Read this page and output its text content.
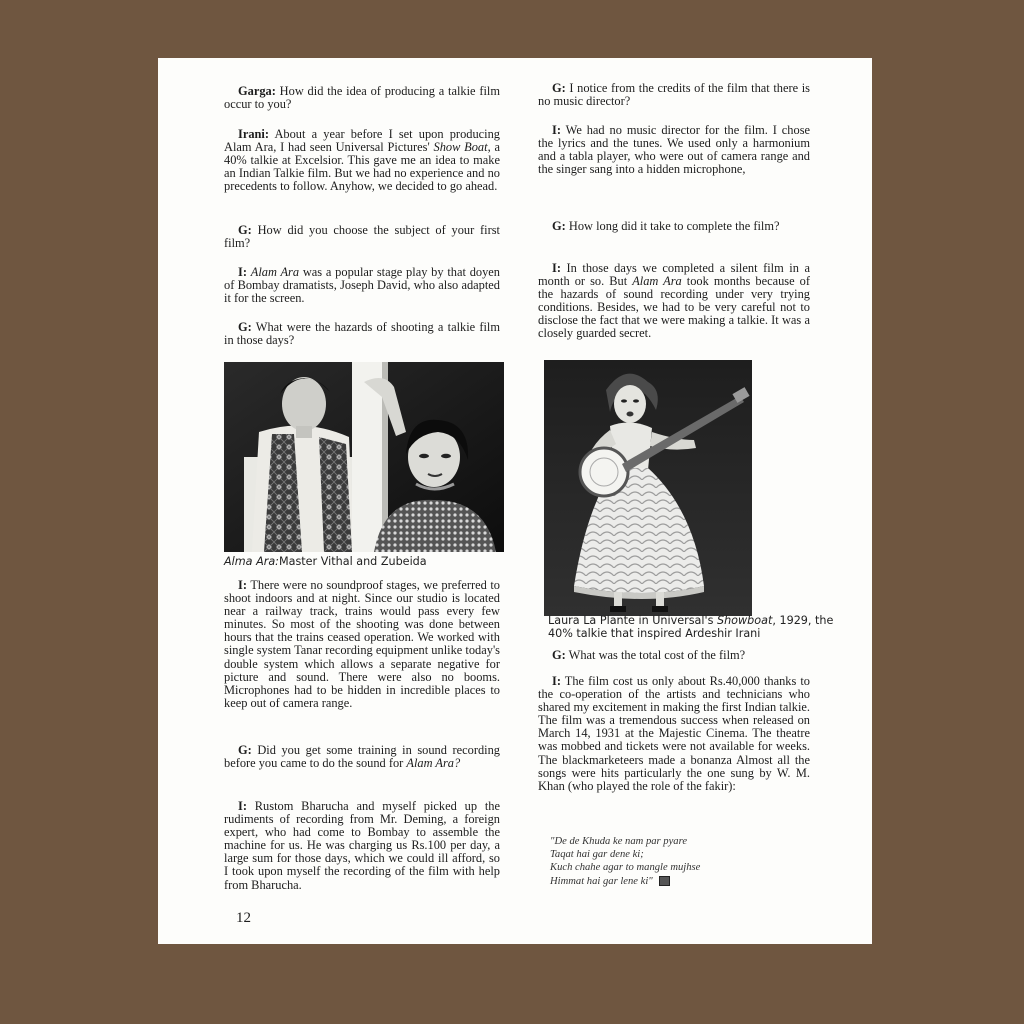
Garga: How did the idea of producing a talkie film occur to you?

Irani: About a year before I set upon producing Alam Ara, I had seen Universal Pictures' Show Boat, a 40% talkie at Excelsior. This gave me an idea to make an Indian Talkie film. But we had no experience and no precedents to follow. Anyhow, we decided to go ahead.

G: How did you choose the subject of your first film?

I: Alam Ara was a popular stage play by that doyen of Bombay dramatists, Joseph David, who also adapted it for the screen.

G: What were the hazards of shooting a talkie film in those days?

Alma Ara:Master Vithal and Zubeida

I: There were no soundproof stages, we preferred to shoot indoors and at night. Since our studio is located near a railway track, trains would pass every few minutes. So most of the shooting was done between hours that the trains ceased operation. We worked with single system Tanar recording equipment unlike today's double system which allows a separate negative for picture and sound. There were also no booms. Microphones had to be hidden in incredible places to keep out of camera range.

G: Did you get some training in sound recording before you came to do the sound for Alam Ara?

I: Rustom Bharucha and myself picked up the rudiments of recording from Mr. Deming, a foreign expert, who had come to Bombay to assemble the machine for us. He was charging us Rs.100 per day, a large sum for those days, which we could ill afford, so I took upon myself the recording of the film with help from Bharucha.

G: I notice from the credits of the film that there is no music director?

I: We had no music director for the film. I chose the lyrics and the tunes. We used only a harmonium and a tabla player, who were out of camera range and the singer sang into a hidden microphone,

G: How long did it take to complete the film?

I: In those days we completed a silent film in a month or so. But Alam Ara took months because of the hazards of sound recording under very trying conditions. Besides, we had to be very careful not to disclose the fact that we were making a talkie. It was a closely guarded secret.

Laura La Plante in Universal's Showboat, 1929, the 40% talkie that inspired Ardeshir Irani

G: What was the total cost of the film?

I: The film cost us only about Rs.40,000 thanks to the co-operation of the artists and technicians who shared my excitement in making the first Indian talkie. The film was a tremendous success when released on March 14, 1931 at the Majestic Cinema. The theatre was mobbed and tickets were not available for weeks. The blackmarketeers made a bonanza Almost all the songs were hits particularly the one sung by W. M. Khan (who played the role of the fakir):

"De de Khuda ke nam par pyare
Taqat hai gar dene ki;
Kuch chahe agar to mangle mujhse
Himmat hai gar lene ki"
12
